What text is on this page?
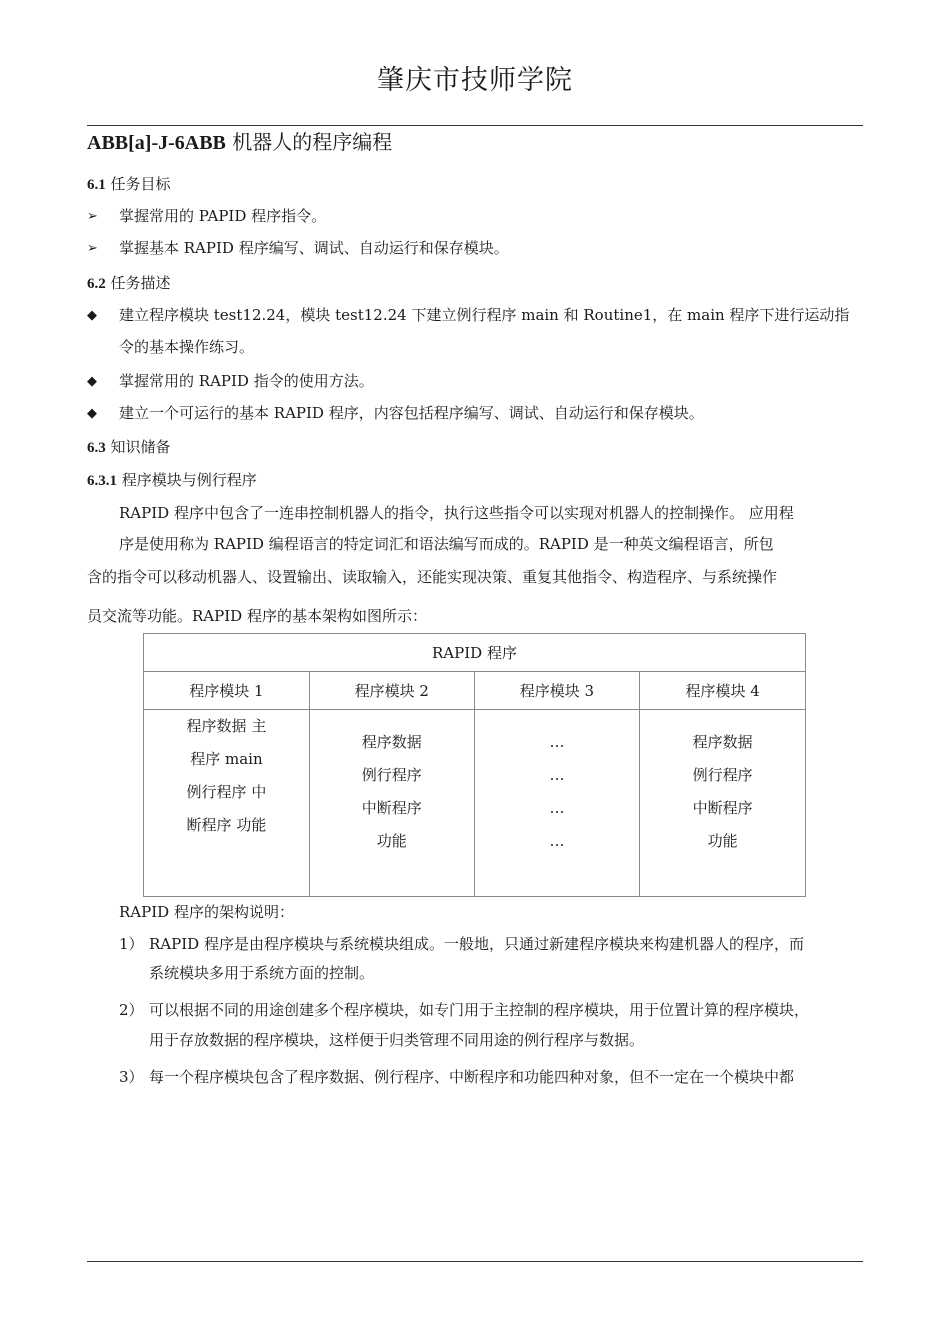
肇庆市技师学院
ABB[a]-J-6ABB 机器人的程序编程
6.1 任务目标
➢ 掌握常用的 PAPID 程序指令。
➢ 掌握基本 RAPID 程序编写、调试、自动运行和保存模块。
6.2 任务描述
◆ 建立程序模块 test12.24，模块 test12.24 下建立例行程序 main 和 Routine1，在 main 程序下进行运动指
令的基本操作练习。
◆ 掌握常用的 RAPID 指令的使用方法。
◆ 建立一个可运行的基本 RAPID 程序，内容包括程序编写、调试、自动运行和保存模块。
6.3 知识储备
6.3.1 程序模块与例行程序
RAPID 程序中包含了一连串控制机器人的指令，执行这些指令可以实现对机器人的控制操作。 应用程
序是使用称为 RAPID 编程语言的特定词汇和语法编写而成的。RAPID 是一种英文编程语言，所包
含的指令可以移动机器人、设置输出、读取输入，还能实现决策、重复其他指令、构造程序、与系统操作
员交流等功能。RAPID 程序的基本架构如图所示：
RAPID 程序			
程序模块 1	程序模块 2	程序模块 3	程序模块 4

程序数据 主
程序 main
例行程序 中
断程序 功能	程序数据
例行程序
中断程序
功能	…
…
…
…	程序数据
例行程序
中断程序
功能
RAPID 程序的架构说明：
1） RAPID 程序是由程序模块与系统模块组成。一般地，只通过新建程序模块来构建机器人的程序，而
系统模块多用于系统方面的控制。
2） 可以根据不同的用途创建多个程序模块，如专门用于主控制的程序模块，用于位置计算的程序模块，
用于存放数据的程序模块，这样便于归类管理不同用途的例行程序与数据。
3） 每一个程序模块包含了程序数据、例行程序、中断程序和功能四种对象，但不一定在一个模块中都
